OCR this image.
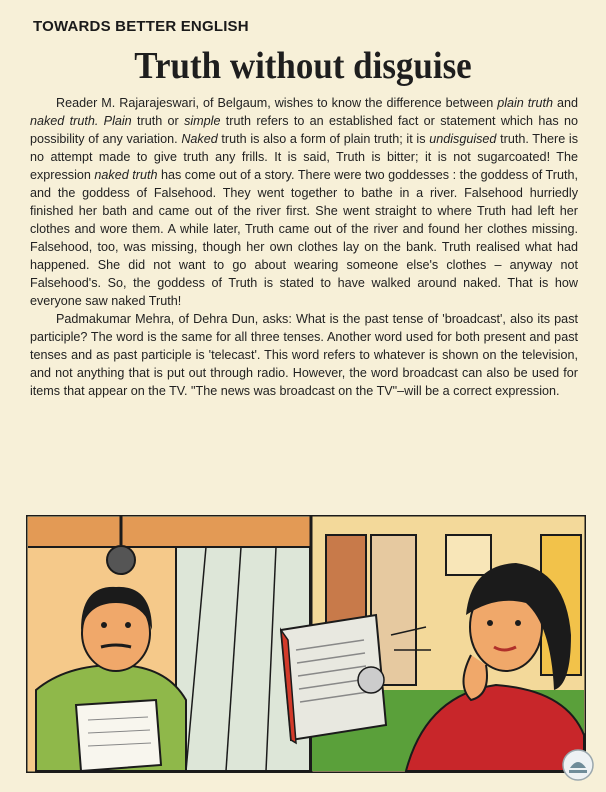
TOWARDS BETTER ENGLISH
Truth without disguise

Reader M. Rajarajeswari, of Belgaum, wishes to know the difference between plain truth and naked truth. Plain truth or simple truth refers to an established fact or statement which has no possibility of any variation. Naked truth is also a form of plain truth; it is undisguised truth. There is no attempt made to give truth any frills. It is said, Truth is bitter; it is not sugarcoated! The expression naked truth has come out of a story. There were two goddesses : the goddess of Truth, and the goddess of Falsehood. They went together to bathe in a river. Falsehood hurriedly finished her bath and came out of the river first. She went straight to where Truth had left her clothes and wore them. A while later, Truth came out of the river and found her clothes missing. Falsehood, too, was missing, though her own clothes lay on the bank. Truth realised what had happened. She did not want to go about wearing someone else's clothes – anyway not Falsehood's. So, the goddess of Truth is stated to have walked around naked. That is how everyone saw naked Truth!

Padmakumar Mehra, of Dehra Dun, asks: What is the past tense of 'broadcast', also its past participle? The word is the same for all three tenses. Another word used for both present and past tenses and as past participle is 'telecast'. This word refers to whatever is shown on the television, and not anything that is put out through radio. However, the word broadcast can also be used for items that appear on the TV. "The news was broadcast on the TV"–will be a correct expression.
